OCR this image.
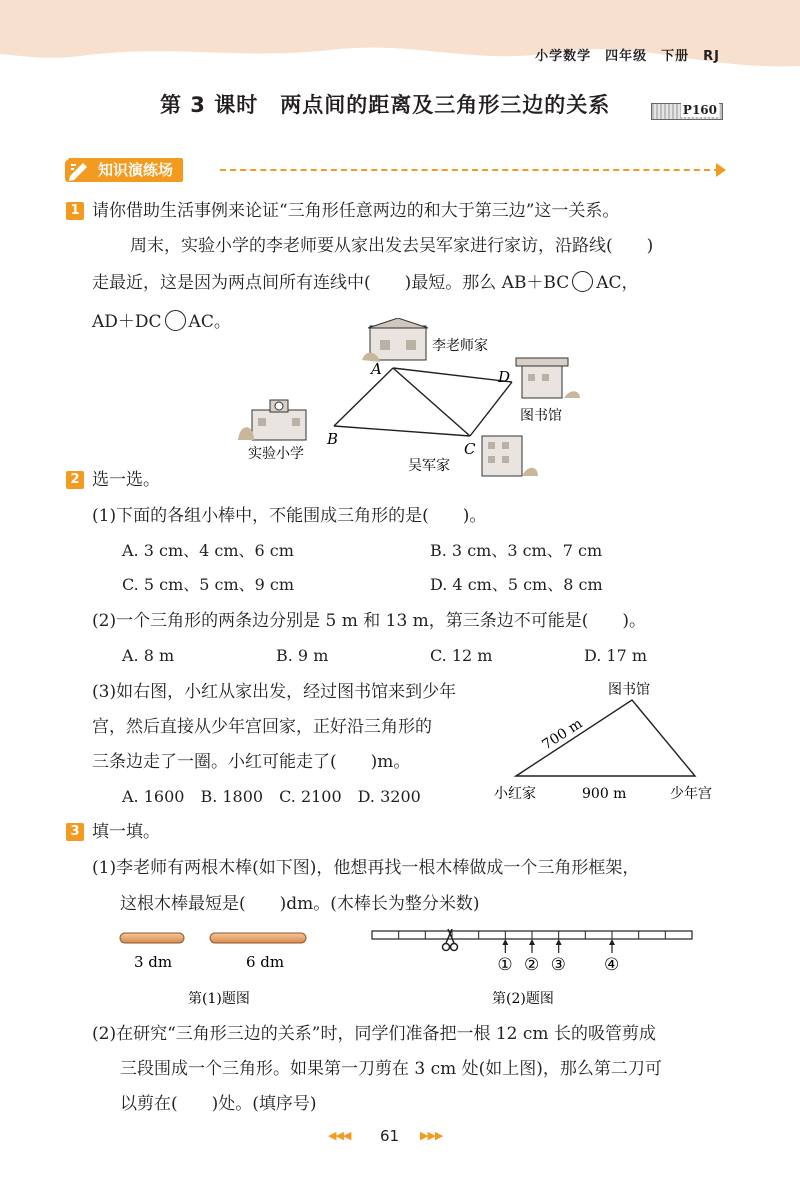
小学数学　四年级　下册　RJ
第 3 课时　两点间的距离及三角形三边的关系	P160
知识演练场
1 请你借助生活事例来论证“三角形任意两边的和大于第三边”这一关系。
周末，实验小学的李老师要从家出发去吴军家进行家访，沿路线(　　)
走最近，这是因为两点间所有连线中(　　)最短。那么 AB＋BC AC，
AD＋DC AC。
A
B
C
D
李老师家
图书馆
实验小学
吴军家
2 选一选。
(1)下面的各组小棒中，不能围成三角形的是(　　)。
A. 3 cm、4 cm、6 cm	B. 3 cm、3 cm、7 cm
C. 5 cm、5 cm、9 cm	D. 4 cm、5 cm、8 cm
(2)一个三角形的两条边分别是 5 m 和 13 m，第三条边不可能是(　　)。
A. 8 m	B. 9 m	C. 12 m	D. 17 m
(3)如右图，小红从家出发，经过图书馆来到少年
宫，然后直接从少年宫回家，正好沿三角形的
三条边走了一圈。小红可能走了(　　)m。
A. 1600　B. 1800　C. 2100　D. 3200
图书馆
小红家	少年宫
700 m
900 m
3 填一填。
(1)李老师有两根木棒(如下图)，他想再找一根木棒做成一个三角形框架，
这根木棒最短是(　　)dm。(木棒长为整分米数)
3 dm	6 dm
第(1)题图
① ② ③ ④
第(2)题图
(2)在研究“三角形三边的关系”时，同学们准备把一根 12 cm 长的吸管剪成
三段围成一个三角形。如果第一刀剪在 3 cm 处(如上图)，那么第二刀可
以剪在(　　)处。(填序号)
◀◀◀ 61 ▶▶▶
